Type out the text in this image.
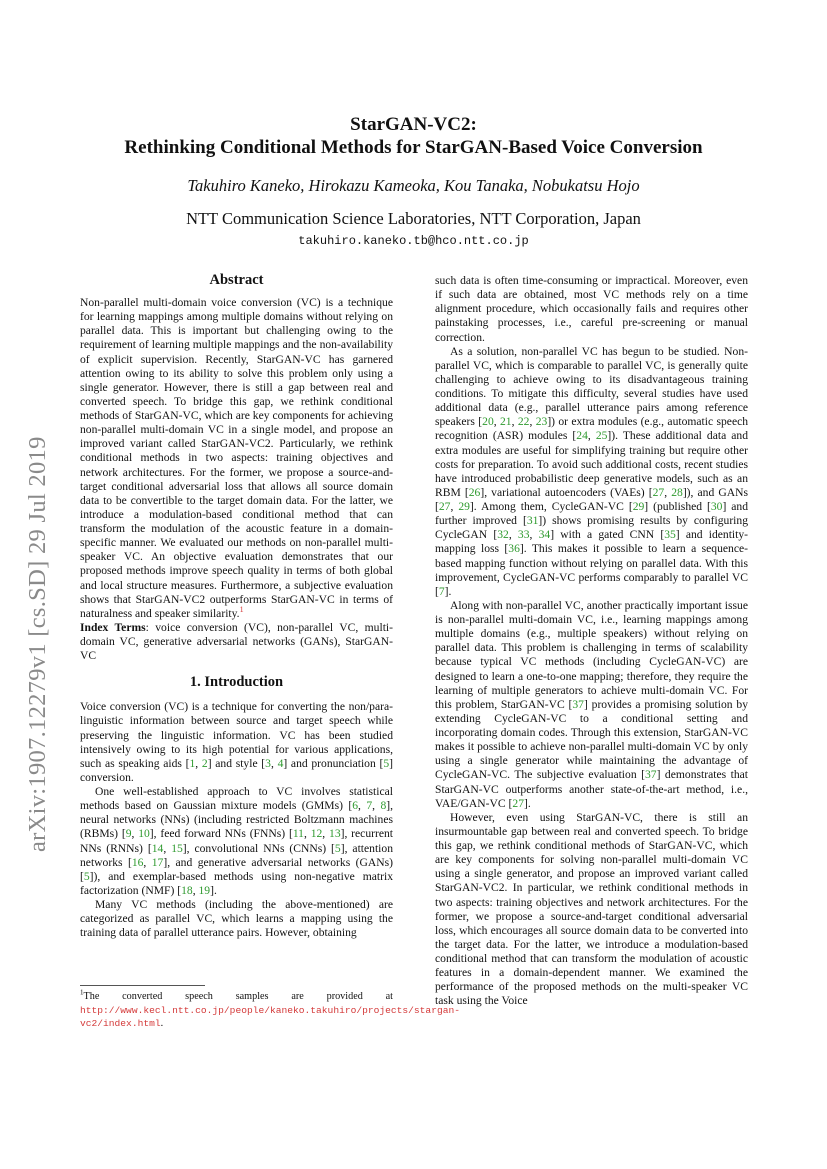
arXiv:1907.12279v1 [cs.SD] 29 Jul 2019
StarGAN-VC2:
Rethinking Conditional Methods for StarGAN-Based Voice Conversion
Takuhiro Kaneko, Hirokazu Kameoka, Kou Tanaka, Nobukatsu Hojo
NTT Communication Science Laboratories, NTT Corporation, Japan
takuhiro.kaneko.tb@hco.ntt.co.jp
Abstract

Non-parallel multi-domain voice conversion (VC) is a technique for learning mappings among multiple domains without relying on parallel data. This is important but challenging owing to the requirement of learning multiple mappings and the non-availability of explicit supervision. Recently, StarGAN-VC has garnered attention owing to its ability to solve this problem only using a single generator. However, there is still a gap between real and converted speech. To bridge this gap, we rethink conditional methods of StarGAN-VC, which are key components for achieving non-parallel multi-domain VC in a single model, and propose an improved variant called StarGAN-VC2. Particularly, we rethink conditional methods in two aspects: training objectives and network architectures. For the former, we propose a source-and-target conditional adversarial loss that allows all source domain data to be convertible to the target domain data. For the latter, we introduce a modulation-based conditional method that can transform the modulation of the acoustic feature in a domain-specific manner. We evaluated our methods on non-parallel multi-speaker VC. An objective evaluation demonstrates that our proposed methods improve speech quality in terms of both global and local structure measures. Furthermore, a subjective evaluation shows that StarGAN-VC2 outperforms StarGAN-VC in terms of naturalness and speaker similarity.$^1$

Index Terms: voice conversion (VC), non-parallel VC, multi-domain VC, generative adversarial networks (GANs), StarGAN-VC

1. Introduction

Voice conversion (VC) is a technique for converting the non/para-linguistic information between source and target speech while preserving the linguistic information. VC has been studied intensively owing to its high potential for various applications, such as speaking aids [1, 2] and style [3, 4] and pronunciation [5] conversion.

One well-established approach to VC involves statistical methods based on Gaussian mixture models (GMMs) [6, 7, 8], neural networks (NNs) (including restricted Boltzmann machines (RBMs) [9, 10], feed forward NNs (FNNs) [11, 12, 13], recurrent NNs (RNNs) [14, 15], convolutional NNs (CNNs) [5], attention networks [16, 17], and generative adversarial networks (GANs) [5]), and exemplar-based methods using non-negative matrix factorization (NMF) [18, 19].

Many VC methods (including the above-mentioned) are categorized as parallel VC, which learns a mapping using the training data of parallel utterance pairs. However, obtaining

$^1$The converted speech samples are provided at http://www.kecl.ntt.co.jp/people/kaneko.takuhiro/projects/stargan-vc2/index.html.

such data is often time-consuming or impractical. Moreover, even if such data are obtained, most VC methods rely on a time alignment procedure, which occasionally fails and requires other painstaking processes, i.e., careful pre-screening or manual correction.

As a solution, non-parallel VC has begun to be studied. Non-parallel VC, which is comparable to parallel VC, is generally quite challenging to achieve owing to its disadvantageous training conditions. To mitigate this difficulty, several studies have used additional data (e.g., parallel utterance pairs among reference speakers [20, 21, 22, 23]) or extra modules (e.g., automatic speech recognition (ASR) modules [24, 25]). These additional data and extra modules are useful for simplifying training but require other costs for preparation. To avoid such additional costs, recent studies have introduced probabilistic deep generative models, such as an RBM [26], variational autoencoders (VAEs) [27, 28]), and GANs [27, 29]. Among them, CycleGAN-VC [29] (published [30] and further improved [31]) shows promising results by configuring CycleGAN [32, 33, 34] with a gated CNN [35] and identity-mapping loss [36]. This makes it possible to learn a sequence-based mapping function without relying on parallel data. With this improvement, CycleGAN-VC performs comparably to parallel VC [7].

Along with non-parallel VC, another practically important issue is non-parallel multi-domain VC, i.e., learning mappings among multiple domains (e.g., multiple speakers) without relying on parallel data. This problem is challenging in terms of scalability because typical VC methods (including CycleGAN-VC) are designed to learn a one-to-one mapping; therefore, they require the learning of multiple generators to achieve multi-domain VC. For this problem, StarGAN-VC [37] provides a promising solution by extending CycleGAN-VC to a conditional setting and incorporating domain codes. Through this extension, StarGAN-VC makes it possible to achieve non-parallel multi-domain VC by only using a single generator while maintaining the advantage of CycleGAN-VC. The subjective evaluation [37] demonstrates that StarGAN-VC outperforms another state-of-the-art method, i.e., VAE/GAN-VC [27].

However, even using StarGAN-VC, there is still an insurmountable gap between real and converted speech. To bridge this gap, we rethink conditional methods of StarGAN-VC, which are key components for solving non-parallel multi-domain VC using a single generator, and propose an improved variant called StarGAN-VC2. In particular, we rethink conditional methods in two aspects: training objectives and network architectures. For the former, we propose a source-and-target conditional adversarial loss, which encourages all source domain data to be converted into the target data. For the latter, we introduce a modulation-based conditional method that can transform the modulation of acoustic features in a domain-dependent manner. We examined the performance of the proposed methods on the multi-speaker VC task using the Voice
